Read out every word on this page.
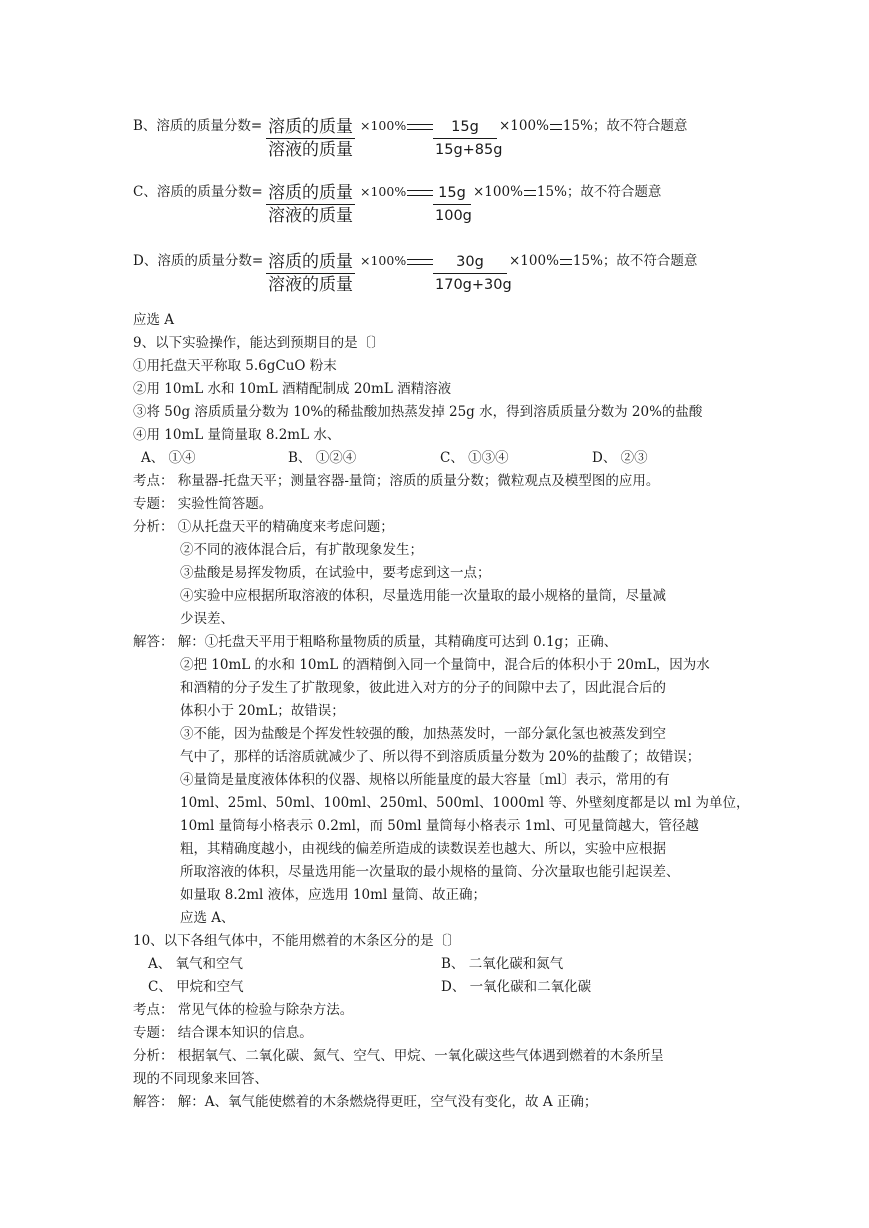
B、溶质的质量分数= 溶质的质量
溶液的质量
×100%	$\frac{15g}{15g+85g} \times 100\%$ 15%；故不符合题意
C、溶质的质量分数= 溶质的质量
溶液的质量
×100%	$\frac{15g}{100g} \times 100\%$ 15%；故不符合题意
D、溶质的质量分数= 溶质的质量
溶液的质量
×100%	$\frac{30g}{170g+30g} \times 100\%$ 15%；故不符合题意
应选 A
9、以下实验操作，能达到预期目的是〔〕
①用托盘天平称取 5.6gCuO 粉末
②用 10mL 水和 10mL 酒精配制成 20mL 酒精溶液
③将 50g 溶质质量分数为 10%的稀盐酸加热蒸发掉 25g 水，得到溶质质量分数为 20%的盐酸
④用 10mL 量筒量取 8.2mL 水、
A、 ①④	B、 ①②④	C、 ①③④	D、 ②③
考点： 称量器-托盘天平；测量容器-量筒；溶质的质量分数；微粒观点及模型图的应用。
专题： 实验性简答题。
分析： ①从托盘天平的精确度来考虑问题；
②不同的液体混合后，有扩散现象发生；
③盐酸是易挥发物质，在试验中，要考虑到这一点；
④实验中应根据所取溶液的体积，尽量选用能一次量取的最小规格的量筒，尽量减
少误差、
解答： 解：①托盘天平用于粗略称量物质的质量，其精确度可达到 0.1g；正确、
②把 10mL 的水和 10mL 的酒精倒入同一个量筒中，混合后的体积小于 20mL，因为水
和酒精的分子发生了扩散现象，彼此进入对方的分子的间隙中去了，因此混合后的
体积小于 20mL；故错误；
③不能，因为盐酸是个挥发性较强的酸，加热蒸发时，一部分氯化氢也被蒸发到空
气中了，那样的话溶质就减少了、所以得不到溶质质量分数为 20%的盐酸了；故错误；
④量筒是量度液体体积的仪器、规格以所能量度的最大容量〔ml〕表示，常用的有
10ml、25ml、50ml、100ml、250ml、500ml、1000ml 等、外壁刻度都是以 ml 为单位，
10ml 量筒每小格表示 0.2ml，而 50ml 量筒每小格表示 1ml、可见量筒越大，管径越
粗，其精确度越小，由视线的偏差所造成的读数误差也越大、所以，实验中应根据
所取溶液的体积，尽量选用能一次量取的最小规格的量筒、分次量取也能引起误差、
如量取 8.2ml 液体，应选用 10ml 量筒、故正确；
应选 A、
10、以下各组气体中，不能用燃着的木条区分的是〔〕
A、 氧气和空气	B、 二氧化碳和氮气
C、 甲烷和空气	D、 一氧化碳和二氧化碳
考点： 常见气体的检验与除杂方法。
专题： 结合课本知识的信息。
分析： 根据氧气、二氧化碳、氮气、空气、甲烷、一氧化碳这些气体遇到燃着的木条所呈
现的不同现象来回答、
解答： 解：A、氧气能使燃着的木条燃烧得更旺，空气没有变化，故 A 正确；
